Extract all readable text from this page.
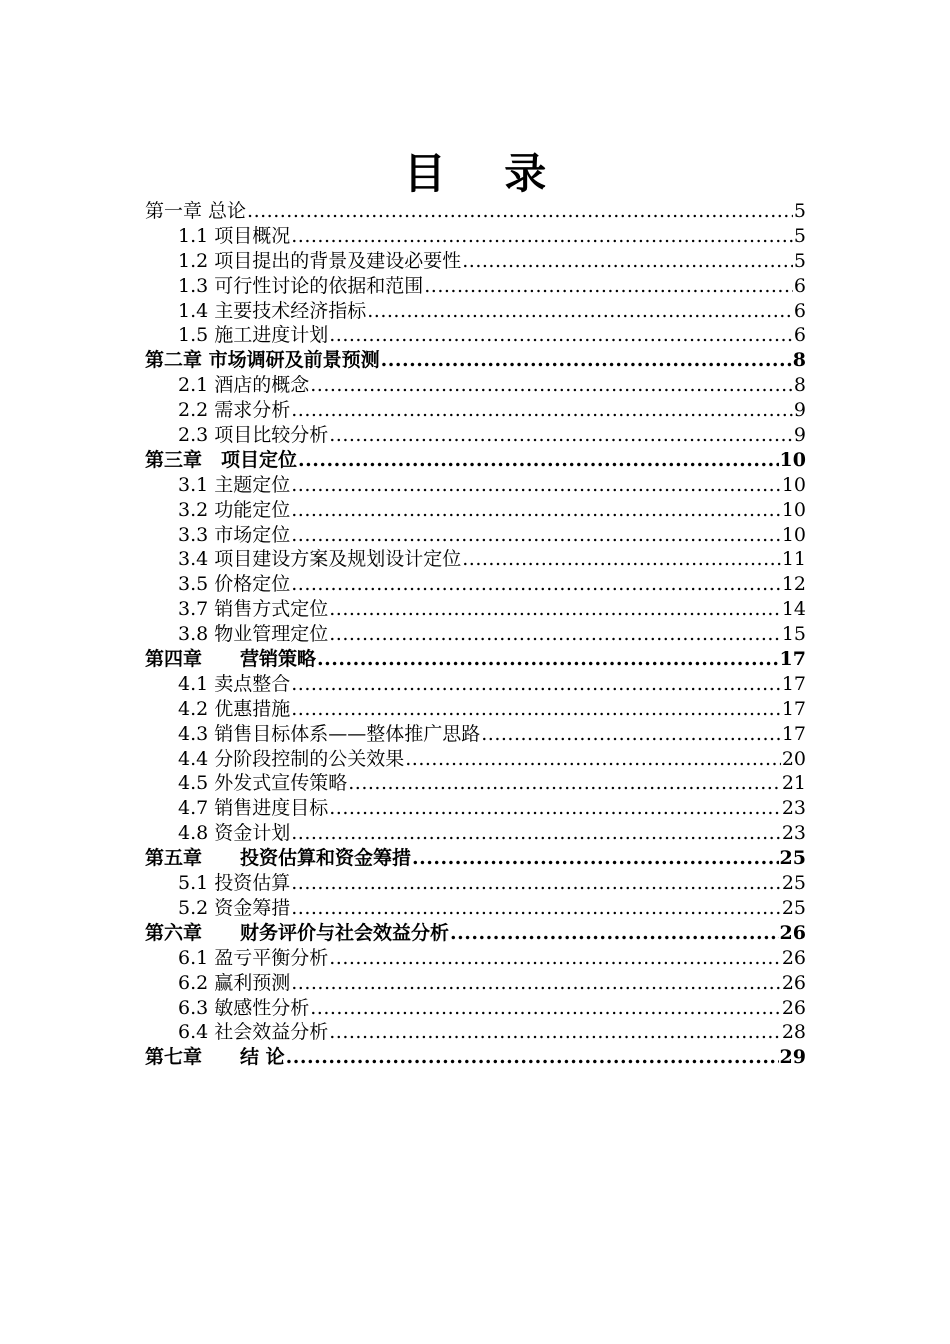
目 录
第一章 总论 .....	5
1.1 项目概况 .....	5
1.2 项目提出的背景及建设必要性 .....	5
1.3 可行性讨论的依据和范围 .....	6
1.4 主要技术经济指标 .....	6
1.5 施工进度计划 .....	6
第二章 市场调研及前景预测 .....	8
2.1 酒店的概念 .....	8
2.2 需求分析 .....	9
2.3 项目比较分析 .....	9
第三章　项目定位 .....	10
3.1 主题定位 .....	10
3.2 功能定位 .....	10
3.3 市场定位 .....	10
3.4 项目建设方案及规划设计定位 .....	11
3.5 价格定位 .....	12
3.7 销售方式定位 .....	14
3.8 物业管理定位 .....	15
第四章　　营销策略 .....	17
4.1 卖点整合 .....	17
4.2 优惠措施 .....	17
4.3 销售目标体系——整体推广思路 .....	17
4.4 分阶段控制的公关效果 .....	20
4.5 外发式宣传策略 .....	21
4.7 销售进度目标 .....	23
4.8 资金计划 .....	23
第五章　　投资估算和资金筹措 .....	25
5.1 投资估算 .....	25
5.2 资金筹措 .....	25
第六章　　财务评价与社会效益分析 .....	26
6.1 盈亏平衡分析 .....	26
6.2 赢利预测 .....	26
6.3 敏感性分析 .....	26
6.4 社会效益分析 .....	28
第七章　　结 论 .....	29
